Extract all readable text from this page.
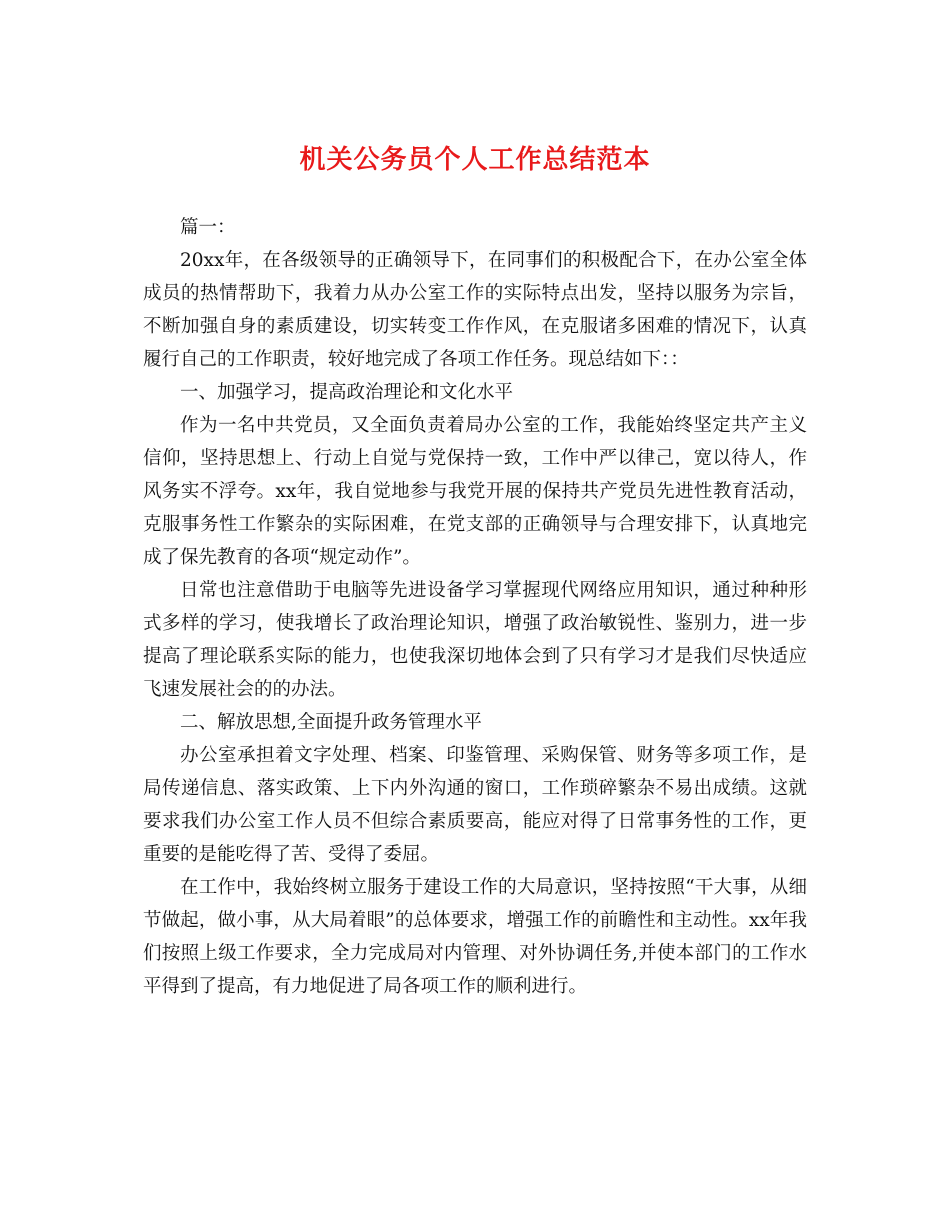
机关公务员个人工作总结范本

篇一：

20xx年，在各级领导的正确领导下，在同事们的积极配合下，在办公室全体成员的热情帮助下，我着力从办公室工作的实际特点出发，坚持以服务为宗旨，不断加强自身的素质建设，切实转变工作作风，在克服诸多困难的情况下，认真履行自己的工作职责，较好地完成了各项工作任务。现总结如下：：

一、加强学习，提高政治理论和文化水平

作为一名中共党员，又全面负责着局办公室的工作，我能始终坚定共产主义信仰，坚持思想上、行动上自觉与党保持一致，工作中严以律己，宽以待人，作风务实不浮夸。xx年，我自觉地参与我党开展的保持共产党员先进性教育活动，克服事务性工作繁杂的实际困难，在党支部的正确领导与合理安排下，认真地完成了保先教育的各项“规定动作”。

日常也注意借助于电脑等先进设备学习掌握现代网络应用知识，通过种种形式多样的学习，使我增长了政治理论知识，增强了政治敏锐性、鉴别力，进一步提高了理论联系实际的能力，也使我深切地体会到了只有学习才是我们尽快适应飞速发展社会的的办法。

二、解放思想,全面提升政务管理水平

办公室承担着文字处理、档案、印鉴管理、采购保管、财务等多项工作，是局传递信息、落实政策、上下内外沟通的窗口，工作琐碎繁杂不易出成绩。这就要求我们办公室工作人员不但综合素质要高，能应对得了日常事务性的工作，更重要的是能吃得了苦、受得了委屈。

在工作中，我始终树立服务于建设工作的大局意识，坚持按照“干大事，从细节做起，做小事，从大局着眼”的总体要求，增强工作的前瞻性和主动性。xx年我们按照上级工作要求，全力完成局对内管理、对外协调任务,并使本部门的工作水平得到了提高，有力地促进了局各项工作的顺利进行。
